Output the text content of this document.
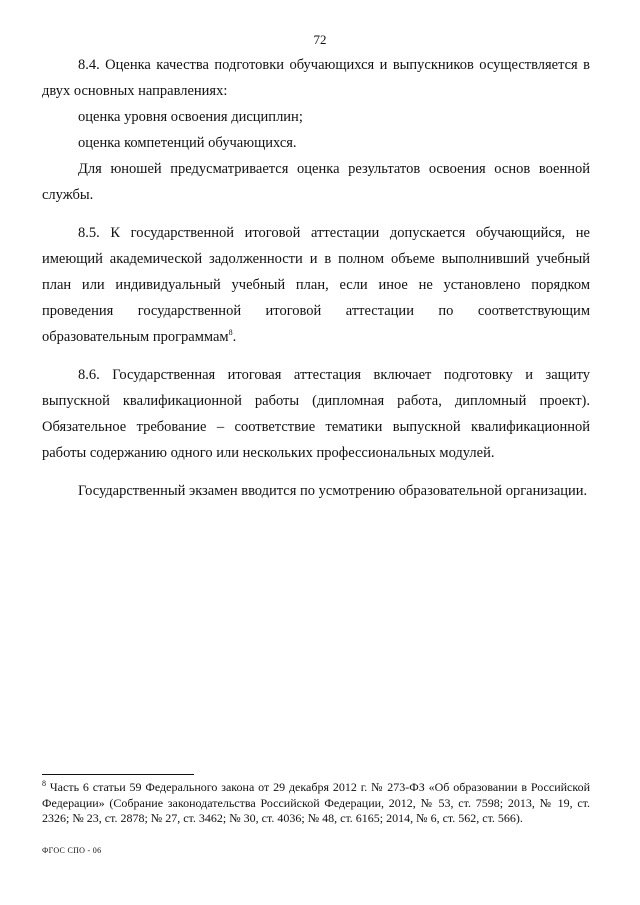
72

8.4. Оценка качества подготовки обучающихся и выпускников осуществляется в двух основных направлениях:

оценка уровня освоения дисциплин;

оценка компетенций обучающихся.

Для юношей предусматривается оценка результатов освоения основ военной службы.

8.5. К государственной итоговой аттестации допускается обучающийся, не имеющий академической задолженности и в полном объеме выполнивший учебный план или индивидуальный учебный план, если иное не установлено порядком проведения государственной итоговой аттестации по соответствующим образовательным программам$^8$.

8.6. Государственная итоговая аттестация включает подготовку и защиту выпускной квалификационной работы (дипломная работа, дипломный проект). Обязательное требование – соответствие тематики выпускной квалификационной работы содержанию одного или нескольких профессиональных модулей.

Государственный экзамен вводится по усмотрению образовательной организации.

$^8$ Часть 6 статьи 59 Федерального закона от 29 декабря 2012 г. № 273-ФЗ «Об образовании в Российской Федерации» (Собрание законодательства Российской Федерации, 2012, № 53, ст. 7598; 2013, № 19, ст. 2326; № 23, ст. 2878; № 27, ст. 3462; № 30, ст. 4036; № 48, ст. 6165; 2014, № 6, ст. 562, ст. 566).
ФГОС СПО - 06
